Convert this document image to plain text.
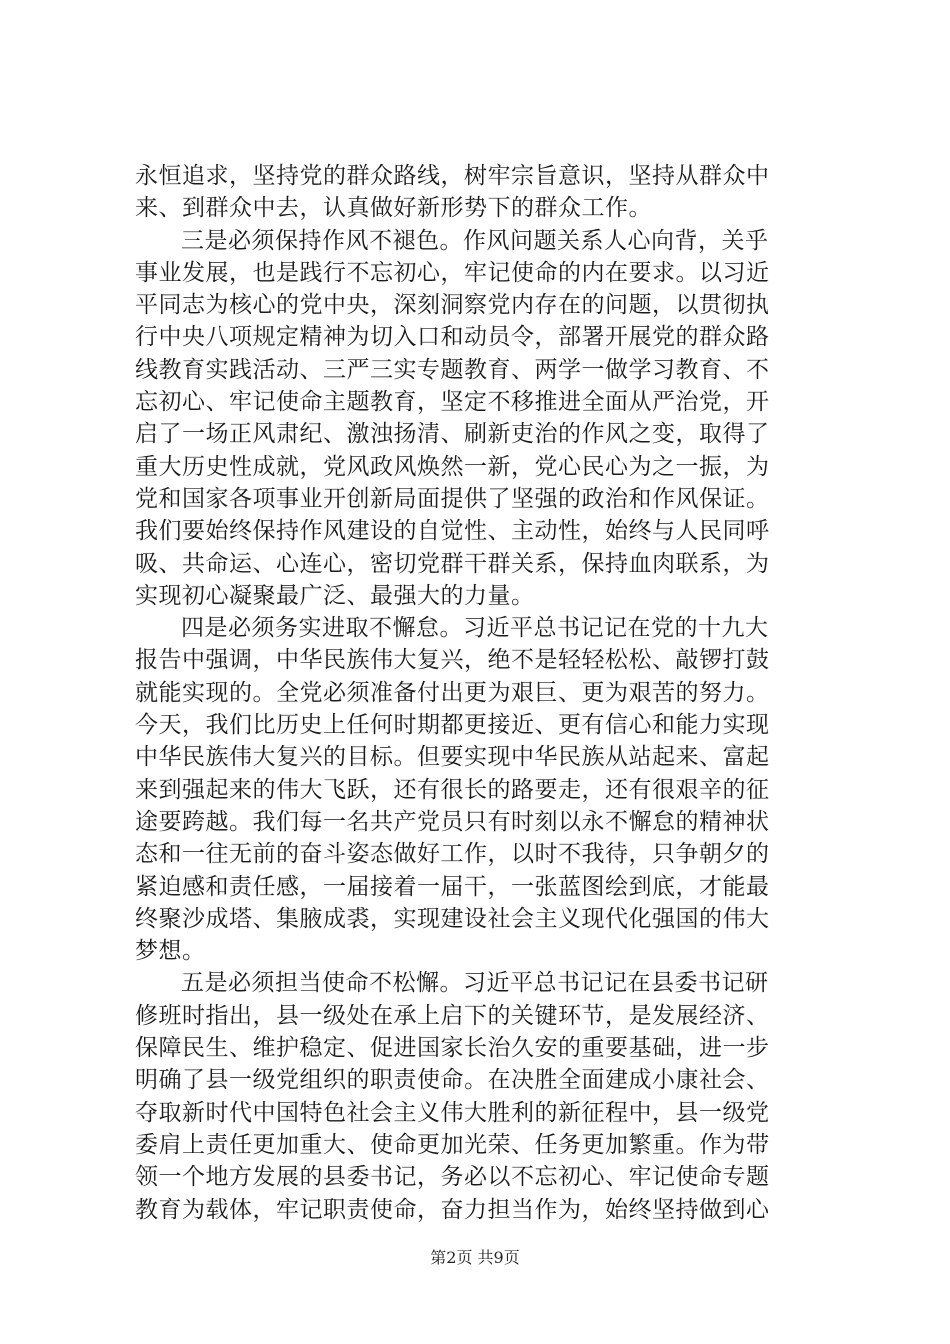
永恒追求，坚持党的群众路线，树牢宗旨意识，坚持从群众中
来、到群众中去，认真做好新形势下的群众工作。
三是必须保持作风不褪色。作风问题关系人心向背，关乎
事业发展，也是践行不忘初心，牢记使命的内在要求。以习近
平同志为核心的党中央，深刻洞察党内存在的问题，以贯彻执
行中央八项规定精神为切入口和动员令，部署开展党的群众路
线教育实践活动、三严三实专题教育、两学一做学习教育、不
忘初心、牢记使命主题教育，坚定不移推进全面从严治党，开
启了一场正风肃纪、激浊扬清、刷新吏治的作风之变，取得了
重大历史性成就，党风政风焕然一新，党心民心为之一振，为
党和国家各项事业开创新局面提供了坚强的政治和作风保证。
我们要始终保持作风建设的自觉性、主动性，始终与人民同呼
吸、共命运、心连心，密切党群干群关系，保持血肉联系，为
实现初心凝聚最广泛、最强大的力量。
四是必须务实进取不懈怠。习近平总书记记在党的十九大
报告中强调，中华民族伟大复兴，绝不是轻轻松松、敲锣打鼓
就能实现的。全党必须准备付出更为艰巨、更为艰苦的努力。
今天，我们比历史上任何时期都更接近、更有信心和能力实现
中华民族伟大复兴的目标。但要实现中华民族从站起来、富起
来到强起来的伟大飞跃，还有很长的路要走，还有很艰辛的征
途要跨越。我们每一名共产党员只有时刻以永不懈怠的精神状
态和一往无前的奋斗姿态做好工作，以时不我待，只争朝夕的
紧迫感和责任感，一届接着一届干，一张蓝图绘到底，才能最
终聚沙成塔、集腋成裘，实现建设社会主义现代化强国的伟大
梦想。
五是必须担当使命不松懈。习近平总书记记在县委书记研
修班时指出，县一级处在承上启下的关键环节，是发展经济、
保障民生、维护稳定、促进国家长治久安的重要基础，进一步
明确了县一级党组织的职责使命。在决胜全面建成小康社会、
夺取新时代中国特色社会主义伟大胜利的新征程中，县一级党
委肩上责任更加重大、使命更加光荣、任务更加繁重。作为带
领一个地方发展的县委书记，务必以不忘初心、牢记使命专题
教育为载体，牢记职责使命，奋力担当作为，始终坚持做到心
第2页 共9页
